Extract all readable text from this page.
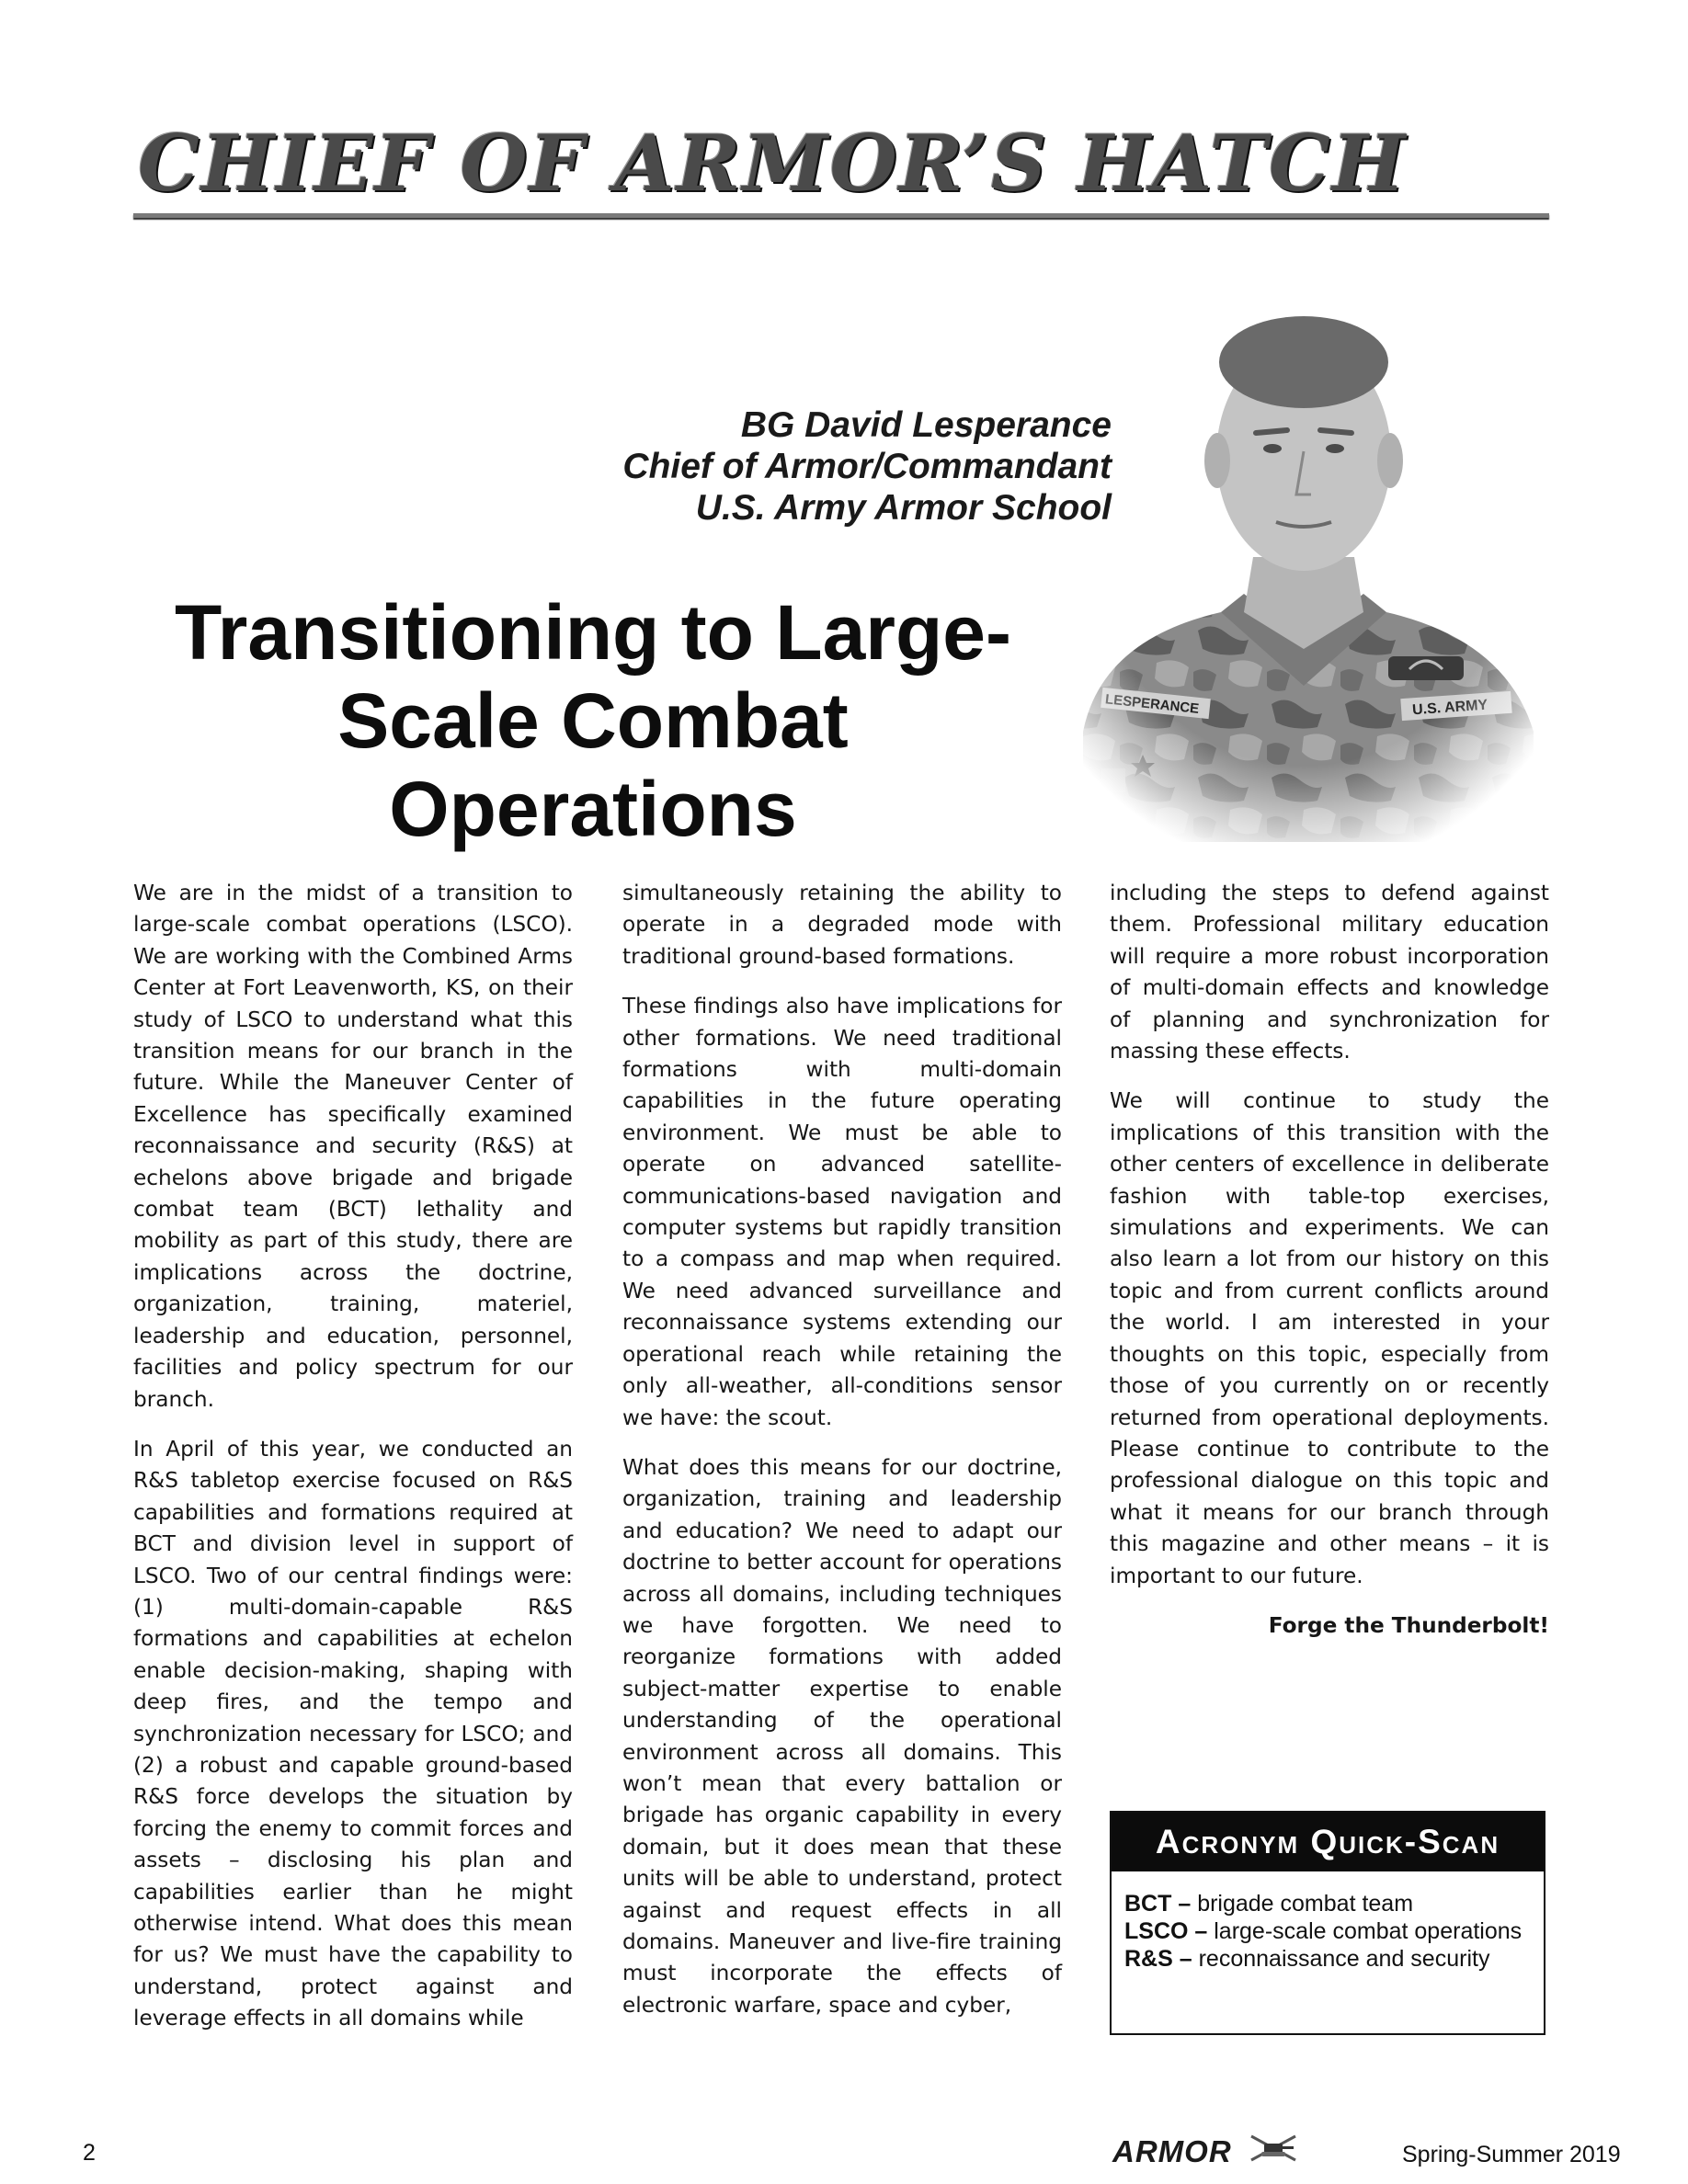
CHIEF OF ARMOR’S HATCH
BG David Lesperance
Chief of Armor/Commandant
U.S. Army Armor School
Transitioning to Large-Scale Combat Operations

We are in the midst of a transition to large-scale combat operations (LSCO). We are working with the Combined Arms Center at Fort Leavenworth, KS, on their study of LSCO to understand what this transition means for our branch in the future. While the Maneuver Center of Excellence has specifically examined reconnaissance and security (R&S) at echelons above brigade and brigade combat team (BCT) lethality and mobility as part of this study, there are implications across the doctrine, organization, training, materiel, leadership and education, personnel, facilities and policy spectrum for our branch.

In April of this year, we conducted an R&S tabletop exercise focused on R&S capabilities and formations required at BCT and division level in support of LSCO. Two of our central findings were: (1) multi-domain-capable R&S formations and capabilities at echelon enable decision-making, shaping with deep fires, and the tempo and synchronization necessary for LSCO; and (2) a robust and capable ground-based R&S force develops the situation by forcing the enemy to commit forces and assets – disclosing his plan and capabilities earlier than he might otherwise intend. What does this mean for us? We must have the capability to understand, protect against and leverage effects in all domains while

simultaneously retaining the ability to operate in a degraded mode with traditional ground-based formations.

These findings also have implications for other formations. We need traditional formations with multi-domain capabilities in the future operating environment. We must be able to operate on advanced satellite-communications-based navigation and computer systems but rapidly transition to a compass and map when required. We need advanced surveillance and reconnaissance systems extending our operational reach while retaining the only all-weather, all-conditions sensor we have: the scout.

What does this means for our doctrine, organization, training and leadership and education? We need to adapt our doctrine to better account for operations across all domains, including techniques we have forgotten. We need to reorganize formations with added subject-matter expertise to enable understanding of the operational environment across all domains. This won’t mean that every battalion or brigade has organic capability in every domain, but it does mean that these units will be able to understand, protect against and request effects in all domains. Maneuver and live-fire training must incorporate the effects of electronic warfare, space and cyber,

including the steps to defend against them. Professional military education will require a more robust incorporation of multi-domain effects and knowledge of planning and synchronization for massing these effects.

We will continue to study the implications of this transition with the other centers of excellence in deliberate fashion with table-top exercises, simulations and experiments. We can also learn a lot from our history on this topic and from current conflicts around the world. I am interested in your thoughts on this topic, especially from those of you currently on or recently returned from operational deployments. Please continue to contribute to the professional dialogue on this topic and what it means for our branch through this magazine and other means – it is important to our future.

Forge the Thunderbolt!
Acronym Quick-Scan

BCT – brigade combat team

LSCO – large-scale combat operations

R&S – reconnaissance and security

2	ARMOR	Spring-Summer 2019
